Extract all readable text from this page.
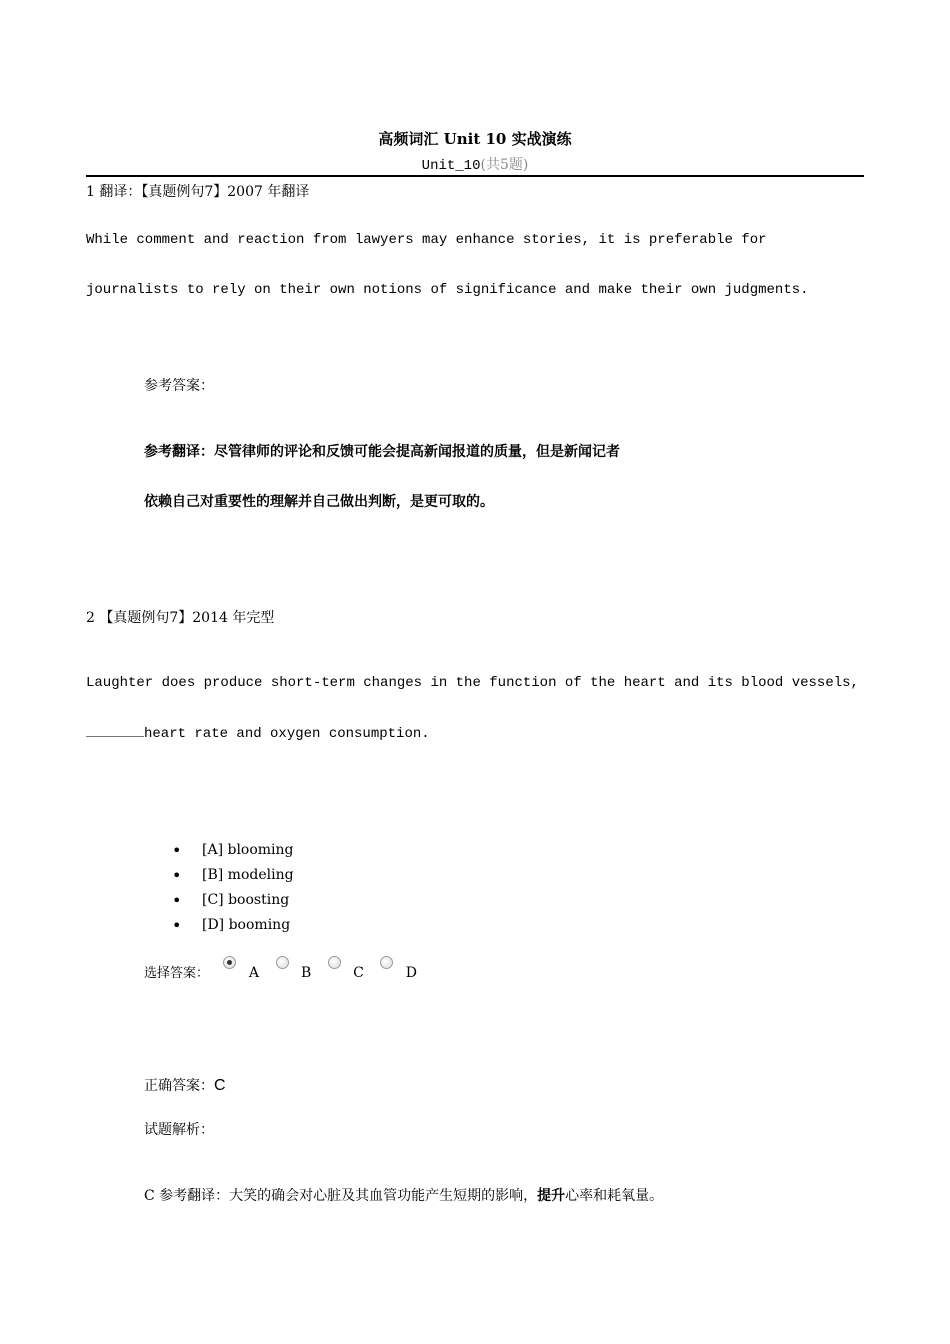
高频词汇 Unit 10 实战演练
Unit_10(共5题)
1 翻译：【真题例句7】2007 年翻译
While comment and reaction from lawyers may enhance stories, it is preferable for
journalists to rely on their own notions of significance and make their own judgments.
参考答案：
参考翻译：尽管律师的评论和反馈可能会提高新闻报道的质量，但是新闻记者
依赖自己对重要性的理解并自己做出判断，是更可取的。
2 【真题例句7】2014 年完型
Laughter does produce short-term changes in the function of the heart and its blood vessels,
heart rate and oxygen consumption.
• [A] blooming
• [B] modeling
• [C] boosting
• [D] booming
选择答案：	A	B	C	D
正确答案：C
试题解析：
C 参考翻译：大笑的确会对心脏及其血管功能产生短期的影响，提升心率和耗氧量。
